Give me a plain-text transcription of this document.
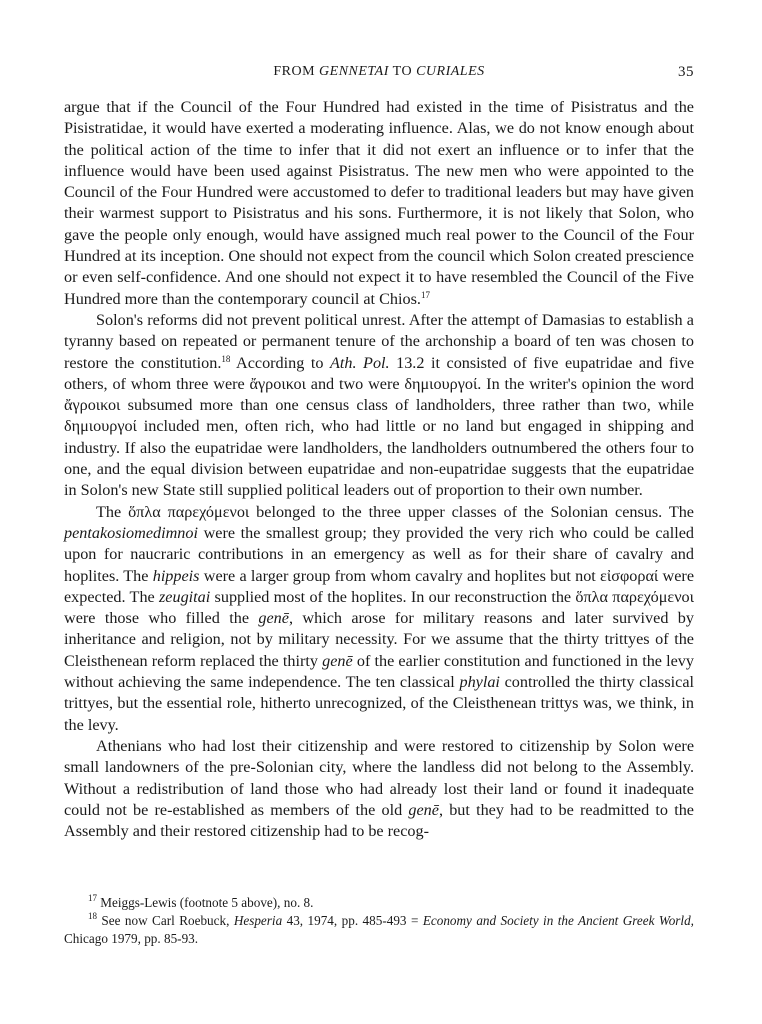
FROM GENNETAI TO CURIALES	35

argue that if the Council of the Four Hundred had existed in the time of Pisistratus and the Pisistratidae, it would have exerted a moderating influence. Alas, we do not know enough about the political action of the time to infer that it did not exert an influence or to infer that the influence would have been used against Pisistratus. The new men who were appointed to the Council of the Four Hundred were accustomed to defer to traditional leaders but may have given their warmest support to Pisistratus and his sons. Furthermore, it is not likely that Solon, who gave the people only enough, would have assigned much real power to the Council of the Four Hundred at its inception. One should not expect from the council which Solon created prescience or even self-confidence. And one should not expect it to have resembled the Council of the Five Hundred more than the contemporary council at Chios.$^{17}$

Solon's reforms did not prevent political unrest. After the attempt of Damasias to establish a tyranny based on repeated or permanent tenure of the archonship a board of ten was chosen to restore the constitution.$^{18}$ According to Ath. Pol. 13.2 it consisted of five eupatridae and five others, of whom three were ἄγροικοι and two were δημιουργοί. In the writer's opinion the word ἄγροικοι subsumed more than one census class of landholders, three rather than two, while δημιουργοί included men, often rich, who had little or no land but engaged in shipping and industry. If also the eupatridae were landholders, the landholders outnumbered the others four to one, and the equal division between eupatridae and non-eupatridae suggests that the eupatridae in Solon's new State still supplied political leaders out of proportion to their own number.

The ὅπλα παρεχόμενοι belonged to the three upper classes of the Solonian census. The pentakosiomedimnoi were the smallest group; they provided the very rich who could be called upon for naucraric contributions in an emergency as well as for their share of cavalry and hoplites. The hippeis were a larger group from whom cavalry and hoplites but not εἰσφοραί were expected. The zeugitai supplied most of the hoplites. In our reconstruction the ὅπλα παρεχόμενοι were those who filled the genē, which arose for military reasons and later survived by inheritance and religion, not by military necessity. For we assume that the thirty trittyes of the Cleisthenean reform replaced the thirty genē of the earlier constitution and functioned in the levy without achieving the same independence. The ten classical phylai controlled the thirty classical trittyes, but the essential role, hitherto unrecognized, of the Cleisthenean trittys was, we think, in the levy.

Athenians who had lost their citizenship and were restored to citizenship by Solon were small landowners of the pre-Solonian city, where the landless did not belong to the Assembly. Without a redistribution of land those who had already lost their land or found it inadequate could not be re-established as members of the old genē, but they had to be readmitted to the Assembly and their restored citizenship had to be recog-

$^{17}$ Meiggs-Lewis (footnote 5 above), no. 8.

$^{18}$ See now Carl Roebuck, Hesperia 43, 1974, pp. 485-493 = Economy and Society in the Ancient Greek World, Chicago 1979, pp. 85-93.
